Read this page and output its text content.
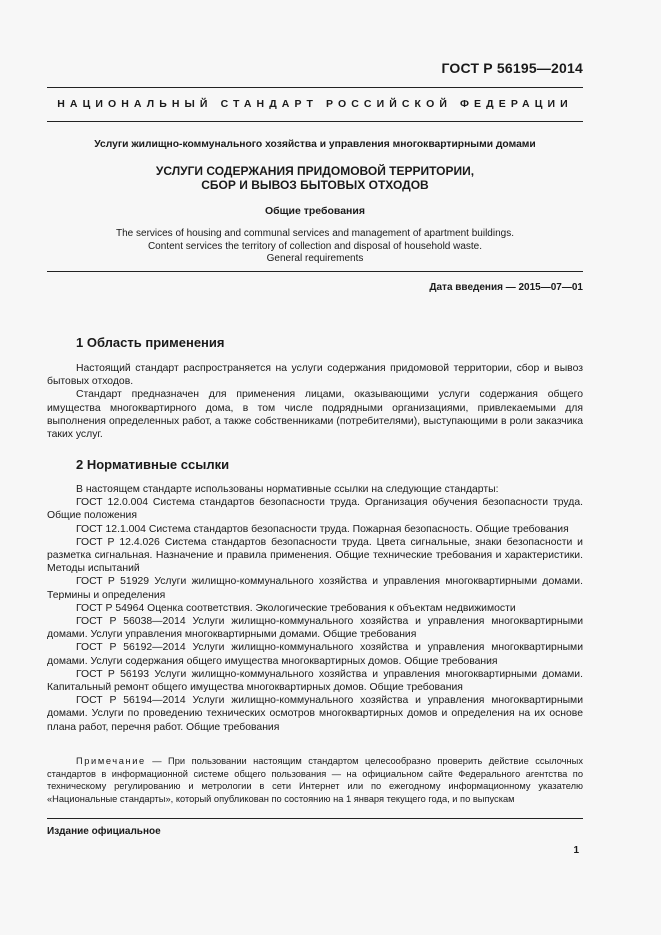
ГОСТ Р 56195—2014
НАЦИОНАЛЬНЫЙ СТАНДАРТ РОССИЙСКОЙ ФЕДЕРАЦИИ
Услуги жилищно-коммунального хозяйства и управления многоквартирными домами
УСЛУГИ СОДЕРЖАНИЯ ПРИДОМОВОЙ ТЕРРИТОРИИ,
СБОР И ВЫВОЗ БЫТОВЫХ ОТХОДОВ
Общие требования
The services of housing and communal services and management of apartment buildings.
Content services the territory of collection and disposal of household waste.
General requirements
Дата введения — 2015—07—01
1 Область применения

Настоящий стандарт распространяется на услуги содержания придомовой территории, сбор и вывоз бытовых отходов.

Стандарт предназначен для применения лицами, оказывающими услуги содержания общего имущества многоквартирного дома, в том числе подрядными организациями, привлекаемыми для выполнения определенных работ, а также собственниками (потребителями), выступающими в роли заказчика таких услуг.

2 Нормативные ссылки

В настоящем стандарте использованы нормативные ссылки на следующие стандарты:

ГОСТ 12.0.004 Система стандартов безопасности труда. Организация обучения безопасности труда. Общие положения

ГОСТ 12.1.004 Система стандартов безопасности труда. Пожарная безопасность. Общие требования

ГОСТ Р 12.4.026 Система стандартов безопасности труда. Цвета сигнальные, знаки безопасности и разметка сигнальная. Назначение и правила применения. Общие технические требования и характеристики. Методы испытаний

ГОСТ Р 51929 Услуги жилищно-коммунального хозяйства и управления многоквартирными домами. Термины и определения

ГОСТ Р 54964 Оценка соответствия. Экологические требования к объектам недвижимости

ГОСТ Р 56038—2014 Услуги жилищно-коммунального хозяйства и управления многоквартирными домами. Услуги управления многоквартирными домами. Общие требования

ГОСТ Р 56192—2014 Услуги жилищно-коммунального хозяйства и управления многоквартирными домами. Услуги содержания общего имущества многоквартирных домов. Общие требования

ГОСТ Р 56193 Услуги жилищно-коммунального хозяйства и управления многоквартирными домами. Капитальный ремонт общего имущества многоквартирных домов. Общие требования

ГОСТ Р 56194—2014 Услуги жилищно-коммунального хозяйства и управления многоквартирными домами. Услуги по проведению технических осмотров многоквартирных домов и определения на их основе плана работ, перечня работ. Общие требования

Примечание — При пользовании настоящим стандартом целесообразно проверить действие ссылочных стандартов в информационной системе общего пользования — на официальном сайте Федерального агентства по техническому регулированию и метрологии в сети Интернет или по ежегодному информационному указателю «Национальные стандарты», который опубликован по состоянию на 1 января текущего года, и по выпускам

Издание официальное
1
